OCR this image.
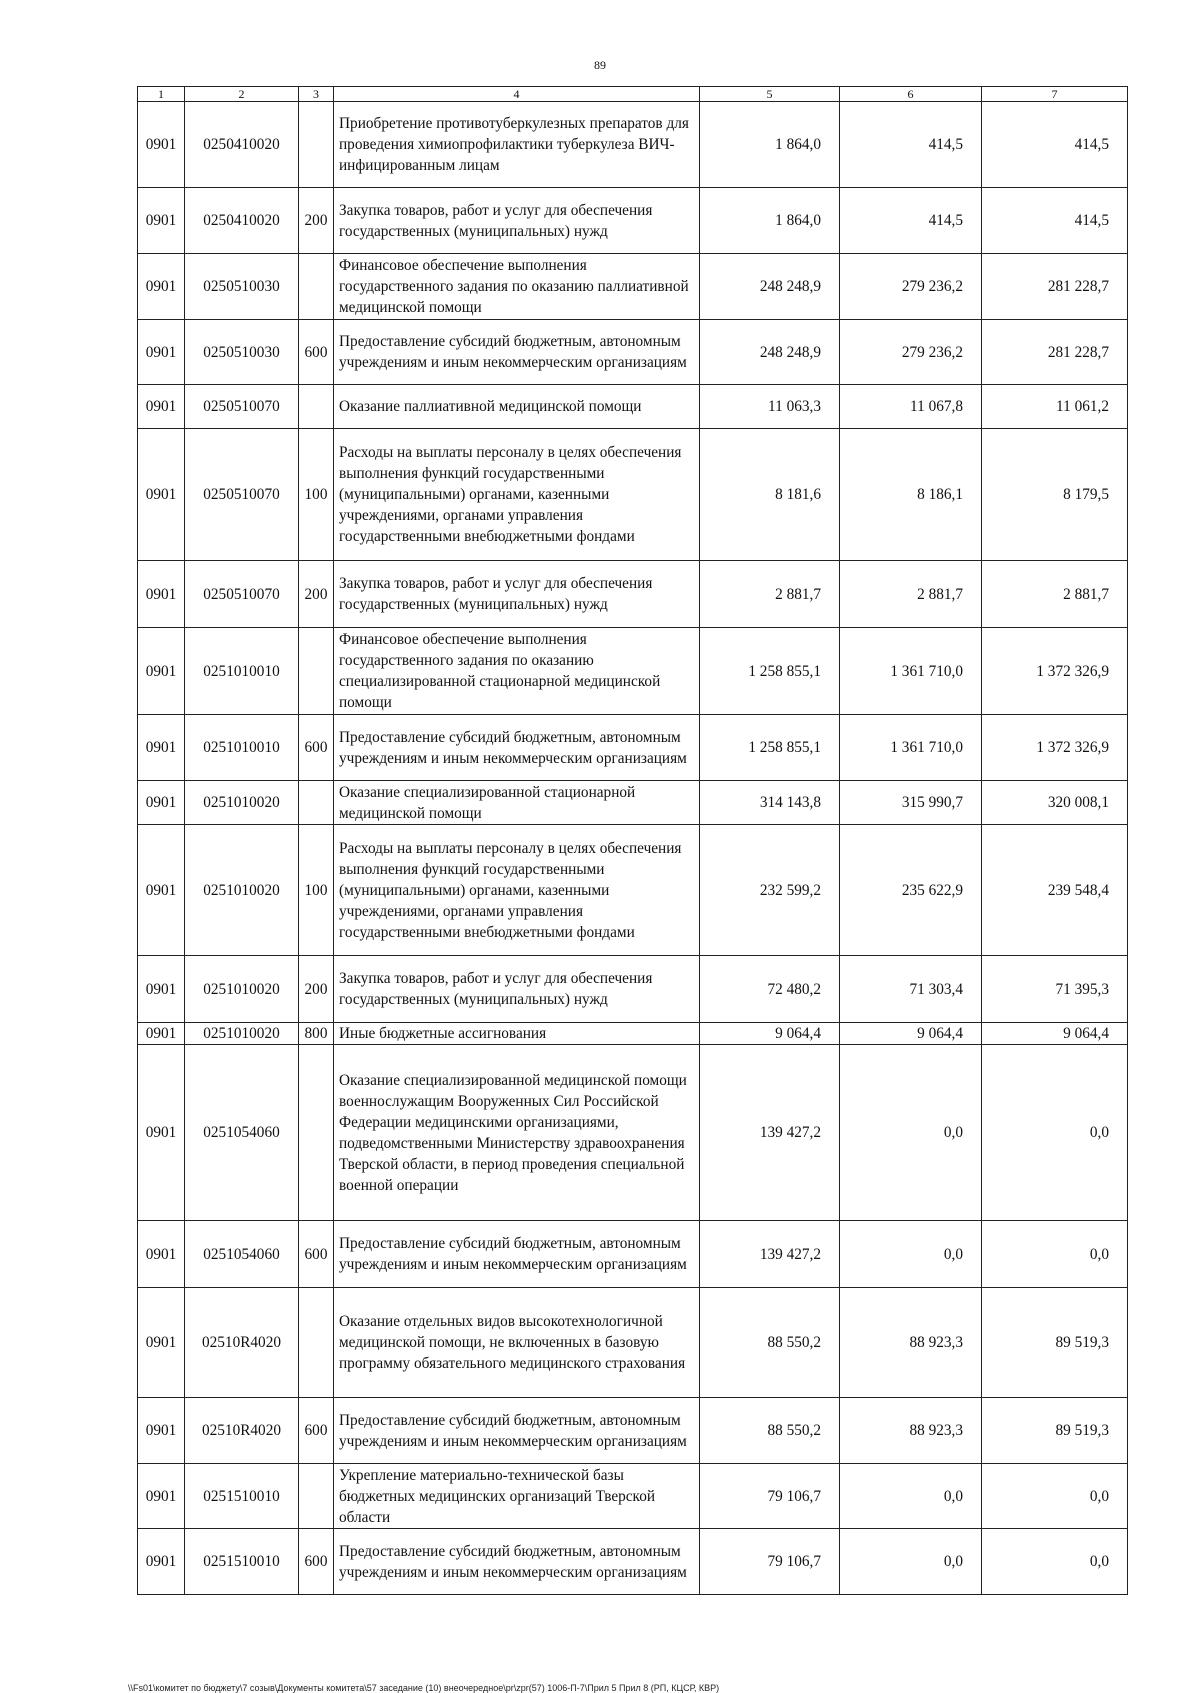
89
1	2	3	4	5	6	7
0901	0250410020		Приобретение противотуберкулезных препаратов для проведения химиопрофилактики туберкулеза ВИЧ-инфицированным лицам	1 864,0	414,5	414,5
0901	0250410020	200	Закупка товаров, работ и услуг для обеспечения государственных (муниципальных) нужд	1 864,0	414,5	414,5
0901	0250510030		Финансовое обеспечение выполнения государственного задания по оказанию паллиативной медицинской помощи	248 248,9	279 236,2	281 228,7
0901	0250510030	600	Предоставление субсидий бюджетным, автономным учреждениям и иным некоммерческим организациям	248 248,9	279 236,2	281 228,7
0901	0250510070		Оказание паллиативной медицинской помощи	11 063,3	11 067,8	11 061,2
0901	0250510070	100	Расходы на выплаты персоналу в целях обеспечения выполнения функций государственными (муниципальными) органами, казенными учреждениями, органами управления государственными внебюджетными фондами	8 181,6	8 186,1	8 179,5
0901	0250510070	200	Закупка товаров, работ и услуг для обеспечения государственных (муниципальных) нужд	2 881,7	2 881,7	2 881,7
0901	0251010010		Финансовое обеспечение выполнения государственного задания по оказанию специализированной стационарной медицинской помощи	1 258 855,1	1 361 710,0	1 372 326,9
0901	0251010010	600	Предоставление субсидий бюджетным, автономным учреждениям и иным некоммерческим организациям	1 258 855,1	1 361 710,0	1 372 326,9
0901	0251010020		Оказание специализированной стационарной медицинской помощи	314 143,8	315 990,7	320 008,1
0901	0251010020	100	Расходы на выплаты персоналу в целях обеспечения выполнения функций государственными (муниципальными) органами, казенными учреждениями, органами управления государственными внебюджетными фондами	232 599,2	235 622,9	239 548,4
0901	0251010020	200	Закупка товаров, работ и услуг для обеспечения государственных (муниципальных) нужд	72 480,2	71 303,4	71 395,3
0901	0251010020	800	Иные бюджетные ассигнования	9 064,4	9 064,4	9 064,4
0901	0251054060		Оказание специализированной медицинской помощи военнослужащим Вооруженных Сил Российской Федерации медицинскими организациями, подведомственными Министерству здравоохранения Тверской области, в период проведения специальной военной операции	139 427,2	0,0	0,0
0901	0251054060	600	Предоставление субсидий бюджетным, автономным учреждениям и иным некоммерческим организациям	139 427,2	0,0	0,0
0901	02510R4020		Оказание отдельных видов высокотехнологичной медицинской помощи, не включенных в базовую программу обязательного медицинского страхования	88 550,2	88 923,3	89 519,3
0901	02510R4020	600	Предоставление субсидий бюджетным, автономным учреждениям и иным некоммерческим организациям	88 550,2	88 923,3	89 519,3
0901	0251510010		Укрепление материально-технической базы бюджетных медицинских организаций Тверской области	79 106,7	0,0	0,0
0901	0251510010	600	Предоставление субсидий бюджетным, автономным учреждениям и иным некоммерческим организациям	79 106,7	0,0	0,0
\\Fs01\комитет по бюджету\7 созыв\Документы комитета\57 заседание (10) внеочередное\pr\zpr(57) 1006-П-7\Прил 5 Прил 8 (РП, КЦСР, КВР)
